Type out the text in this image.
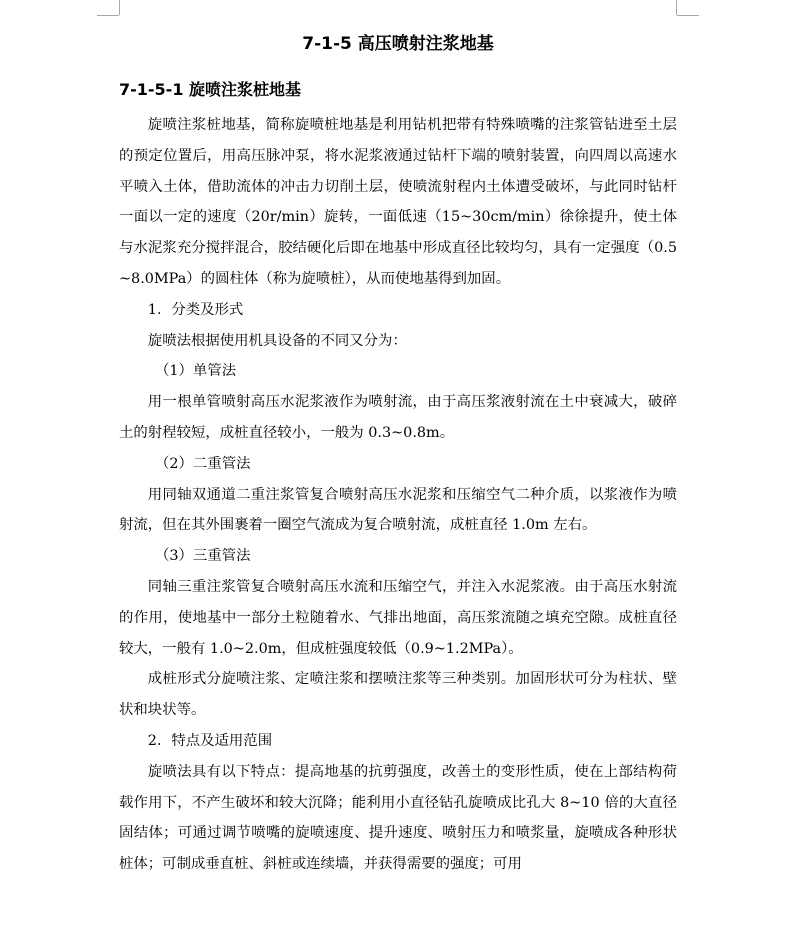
7-1-5 高压喷射注浆地基
7-1-5-1 旋喷注浆桩地基

旋喷注浆桩地基，简称旋喷桩地基是利用钻机把带有特殊喷嘴的注浆管钻进至土层的预定位置后，用高压脉冲泵，将水泥浆液通过钻杆下端的喷射装置，向四周以高速水平喷入土体，借助流体的冲击力切削土层，使喷流射程内土体遭受破坏，与此同时钻杆一面以一定的速度（20r/min）旋转，一面低速（15~30cm/min）徐徐提升，使土体与水泥浆充分搅拌混合，胶结硬化后即在地基中形成直径比较均匀，具有一定强度（0.5~8.0MPa）的圆柱体（称为旋喷桩），从而使地基得到加固。

1．分类及形式

旋喷法根据使用机具设备的不同又分为：

（1）单管法

用一根单管喷射高压水泥浆液作为喷射流，由于高压浆液射流在土中衰减大，破碎土的射程较短，成桩直径较小，一般为 0.3~0.8m。

（2）二重管法

用同轴双通道二重注浆管复合喷射高压水泥浆和压缩空气二种介质，以浆液作为喷射流，但在其外围裹着一圈空气流成为复合喷射流，成桩直径 1.0m 左右。

（3）三重管法

同轴三重注浆管复合喷射高压水流和压缩空气，并注入水泥浆液。由于高压水射流的作用，使地基中一部分土粒随着水、气排出地面，高压浆流随之填充空隙。成桩直径较大，一般有 1.0~2.0m，但成桩强度较低（0.9~1.2MPa）。

成桩形式分旋喷注浆、定喷注浆和摆喷注浆等三种类别。加固形状可分为柱状、壁状和块状等。

2．特点及适用范围

旋喷法具有以下特点：提高地基的抗剪强度，改善土的变形性质，使在上部结构荷载作用下，不产生破坏和较大沉降；能利用小直径钻孔旋喷成比孔大 8~10 倍的大直径固结体；可通过调节喷嘴的旋喷速度、提升速度、喷射压力和喷浆量，旋喷成各种形状桩体；可制成垂直桩、斜桩或连续墙，并获得需要的强度；可用
